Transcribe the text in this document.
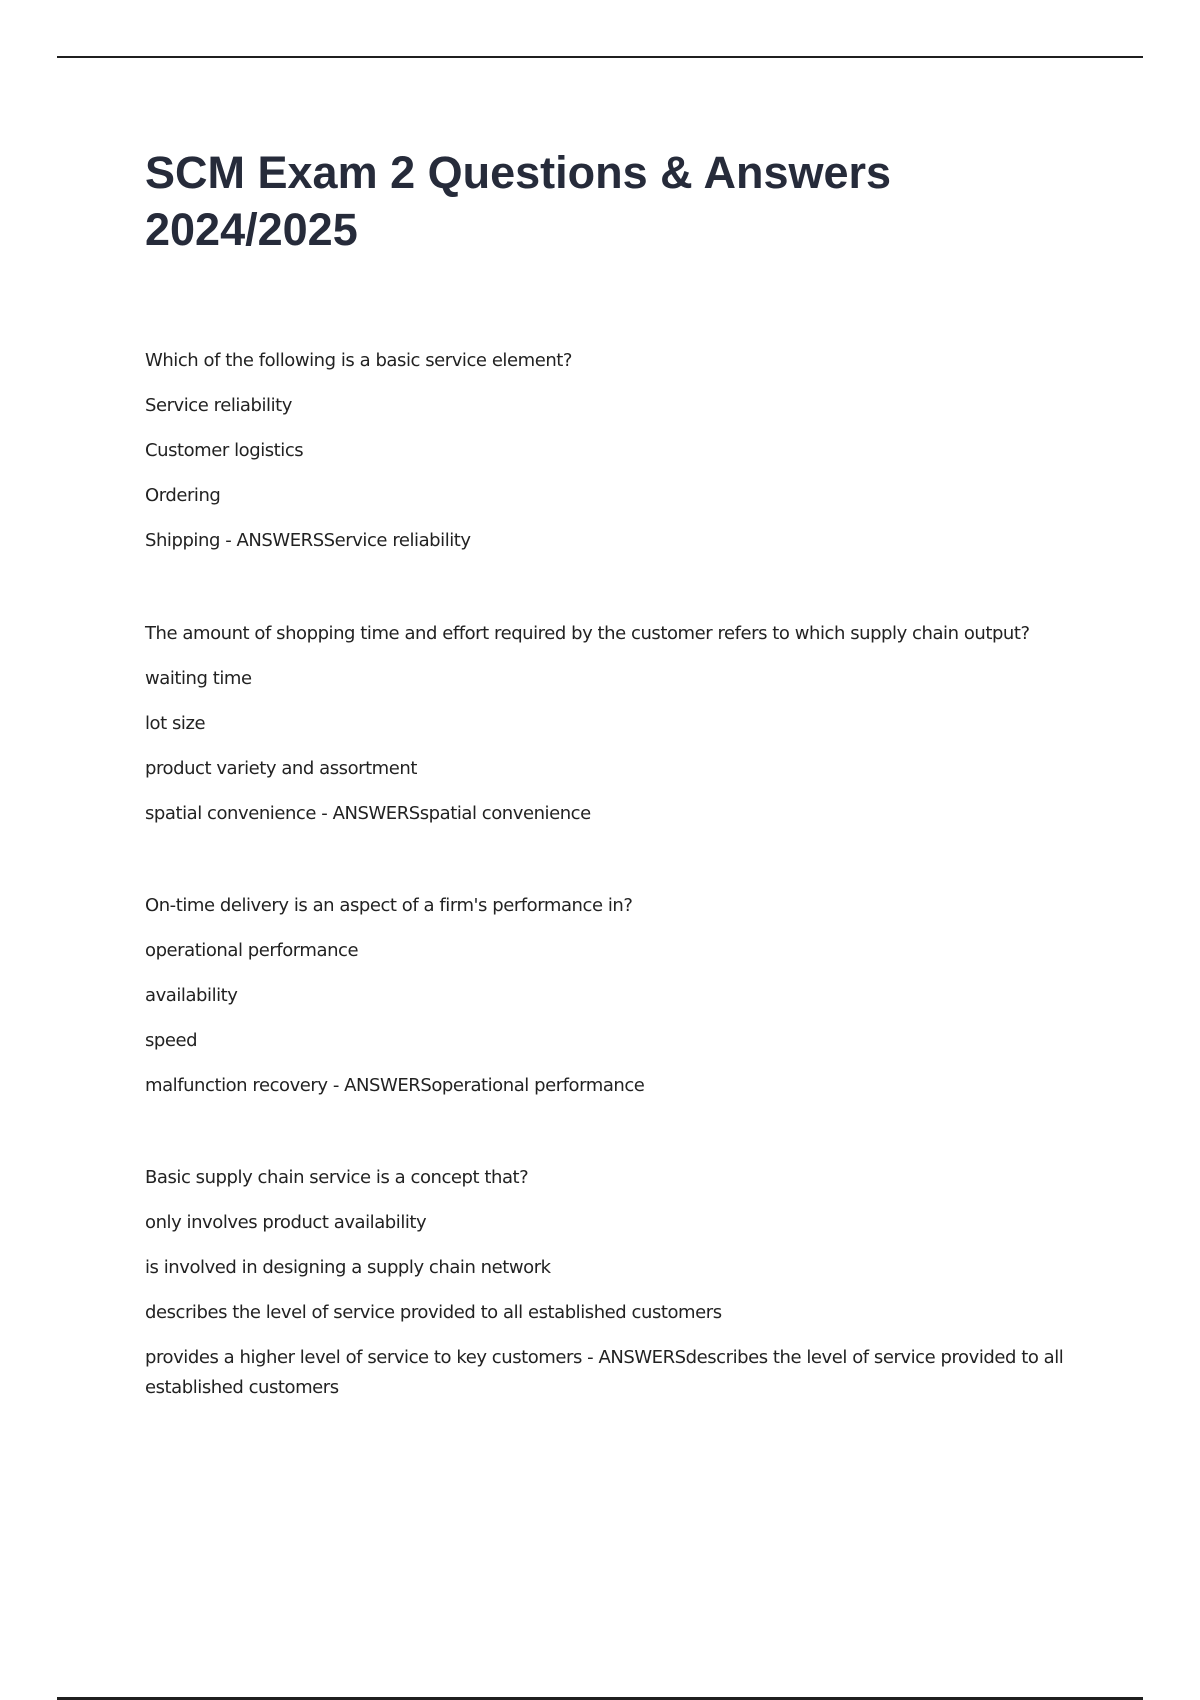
SCM Exam 2 Questions & Answers 2024/2025
Which of the following is a basic service element?
Service reliability
Customer logistics
Ordering
Shipping - ANSWERSService reliability
The amount of shopping time and effort required by the customer refers to which supply chain output?
waiting time
lot size
product variety and assortment
spatial convenience - ANSWERSspatial convenience
On-time delivery is an aspect of a firm's performance in?
operational performance
availability
speed
malfunction recovery - ANSWERSoperational performance
Basic supply chain service is a concept that?
only involves product availability
is involved in designing a supply chain network
describes the level of service provided to all established customers
provides a higher level of service to key customers - ANSWERSdescribes the level of service provided to all established customers
